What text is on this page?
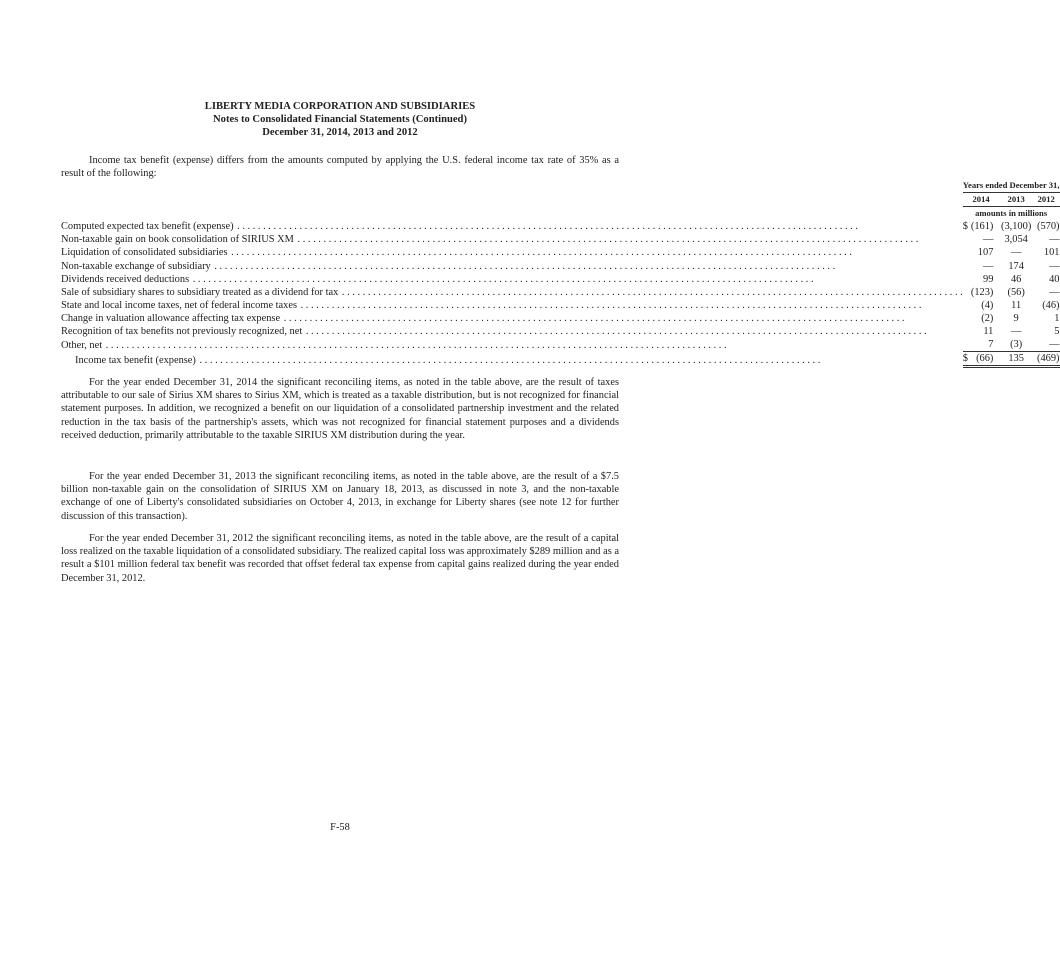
LIBERTY MEDIA CORPORATION AND SUBSIDIARIES
Notes to Consolidated Financial Statements (Continued)
December 31, 2014, 2013 and 2012
Income tax benefit (expense) differs from the amounts computed by applying the U.S. federal income tax rate of 35% as a result of the following:
		Years ended December 31,			
		2014		2013	2012
		amounts in millions			

Computed expected tax benefit (expense) . . . . . . . . . . . . . . . . . . . . . . . . . . . . . . . . . . . . . . . . . . . . . . . . . . . . . . . . . . . . . . . . . . . . . . . . . . . . . . . . . . . . . . . . . . . . . . . . . . . . . . . . . . . . . . . . . . . . . . . .		$	(161)	(3,100)	(570)

Non-taxable gain on book consolidation of SIRIUS XM . . . . . . . . . . . . . . . . . . . . . . . . . . . . . . . . . . . . . . . . . . . . . . . . . . . . . . . . . . . . . . . . . . . . . . . . . . . . . . . . . . . . . . . . . . . . . . . . . . . . . . . . . . . . . . . . . . . . . . . .			—	3,054	—

Liquidation of consolidated subsidiaries . . . . . . . . . . . . . . . . . . . . . . . . . . . . . . . . . . . . . . . . . . . . . . . . . . . . . . . . . . . . . . . . . . . . . . . . . . . . . . . . . . . . . . . . . . . . . . . . . . . . . . . . . . . . . . . . . . . . . . . .			107	—	101

Non-taxable exchange of subsidiary . . . . . . . . . . . . . . . . . . . . . . . . . . . . . . . . . . . . . . . . . . . . . . . . . . . . . . . . . . . . . . . . . . . . . . . . . . . . . . . . . . . . . . . . . . . . . . . . . . . . . . . . . . . . . . . . . . . . . . . .			—	174	—

Dividends received deductions . . . . . . . . . . . . . . . . . . . . . . . . . . . . . . . . . . . . . . . . . . . . . . . . . . . . . . . . . . . . . . . . . . . . . . . . . . . . . . . . . . . . . . . . . . . . . . . . . . . . . . . . . . . . . . . . . . . . . . . .			99	46	40

Sale of subsidiary shares to subsidiary treated as a dividend for tax . . . . . . . . . . . . . . . . . . . . . . . . . . . . . . . . . . . . . . . . . . . . . . . . . . . . . . . . . . . . . . . . . . . . . . . . . . . . . . . . . . . . . . . . . . . . . . . . . . . . . . . . . . . . . . . . . . . . . . . .			(123)	(56)	—

State and local income taxes, net of federal income taxes . . . . . . . . . . . . . . . . . . . . . . . . . . . . . . . . . . . . . . . . . . . . . . . . . . . . . . . . . . . . . . . . . . . . . . . . . . . . . . . . . . . . . . . . . . . . . . . . . . . . . . . . . . . . . . . . . . . . . . . .			(4)	11	(46)

Change in valuation allowance affecting tax expense . . . . . . . . . . . . . . . . . . . . . . . . . . . . . . . . . . . . . . . . . . . . . . . . . . . . . . . . . . . . . . . . . . . . . . . . . . . . . . . . . . . . . . . . . . . . . . . . . . . . . . . . . . . . . . . . . . . . . . . .			(2)	9	1

Recognition of tax benefits not previously recognized, net . . . . . . . . . . . . . . . . . . . . . . . . . . . . . . . . . . . . . . . . . . . . . . . . . . . . . . . . . . . . . . . . . . . . . . . . . . . . . . . . . . . . . . . . . . . . . . . . . . . . . . . . . . . . . . . . . . . . . . . .			11	—	5

Other, net . . . . . . . . . . . . . . . . . . . . . . . . . . . . . . . . . . . . . . . . . . . . . . . . . . . . . . . . . . . . . . . . . . . . . . . . . . . . . . . . . . . . . . . . . . . . . . . . . . . . . . . . . . . . . . . . . . . . . . . .			7	(3)	—

Income tax benefit (expense) . . . . . . . . . . . . . . . . . . . . . . . . . . . . . . . . . . . . . . . . . . . . . . . . . . . . . . . . . . . . . . . . . . . . . . . . . . . . . . . . . . . . . . . . . . . . . . . . . . . . . . . . . . . . . . . . . . . . . . . .		$	(66)	135	(469)
For the year ended December 31, 2014 the significant reconciling items, as noted in the table above, are the result of taxes attributable to our sale of Sirius XM shares to Sirius XM, which is treated as a taxable distribution, but is not recognized for financial statement purposes. In addition, we recognized a benefit on our liquidation of a consolidated partnership investment and the related reduction in the tax basis of the partnership's assets, which was not recognized for financial statement purposes and a dividends received deduction, primarily attributable to the taxable SIRIUS XM distribution during the year.
For the year ended December 31, 2013 the significant reconciling items, as noted in the table above, are the result of a $7.5 billion non-taxable gain on the consolidation of SIRIUS XM on January 18, 2013, as discussed in note 3, and the non-taxable exchange of one of Liberty's consolidated subsidiaries on October 4, 2013, in exchange for Liberty shares (see note 12 for further discussion of this transaction).
For the year ended December 31, 2012 the significant reconciling items, as noted in the table above, are the result of a capital loss realized on the taxable liquidation of a consolidated subsidiary. The realized capital loss was approximately $289 million and as a result a $101 million federal tax benefit was recorded that offset federal tax expense from capital gains realized during the year ended December 31, 2012.
F-58
